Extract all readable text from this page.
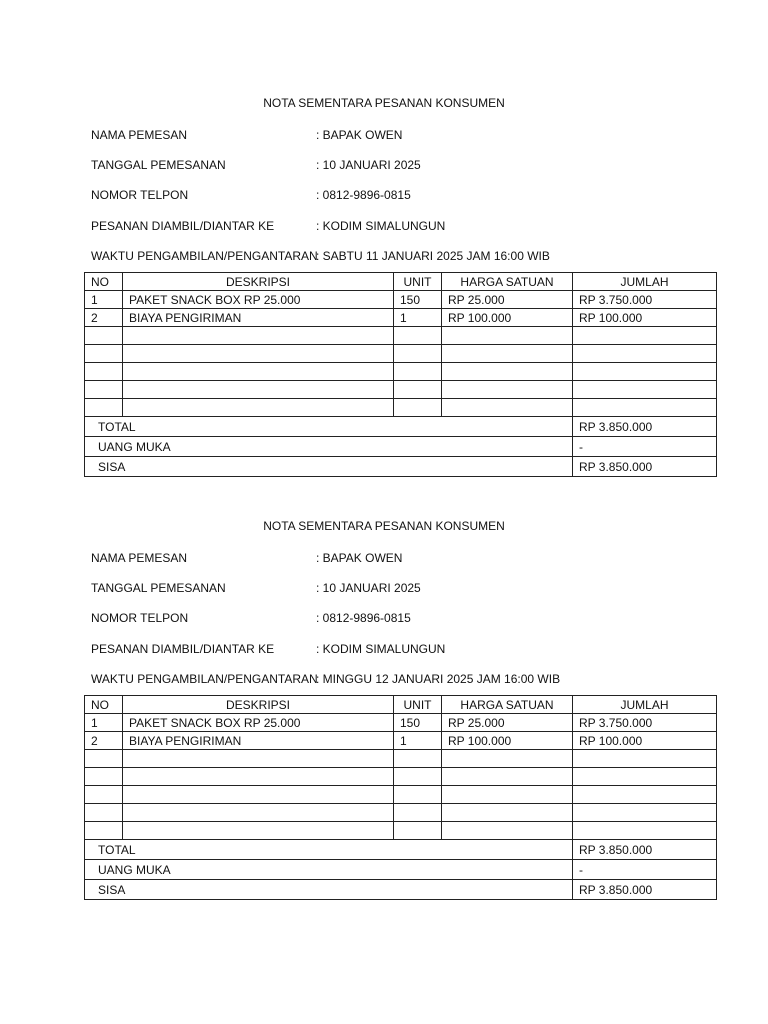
NOTA SEMENTARA PESANAN KONSUMEN
NAMA PEMESAN	: BAPAK OWEN
TANGGAL PEMESANAN	: 10 JANUARI 2025
NOMOR TELPON	: 0812-9896-0815
PESANAN DIAMBIL/DIANTAR KE	: KODIM SIMALUNGUN
WAKTU PENGAMBILAN/PENGANTARAN
: SABTU 11 JANUARI 2025 JAM 16:00 WIB
NO	DESKRIPSI	UNIT	HARGA SATUAN	JUMLAH
1	PAKET SNACK BOX RP 25.000	150	RP 25.000	RP 3.750.000
2	BIAYA PENGIRIMAN	1	RP 100.000	RP 100.000

TOTAL				RP 3.850.000
UANG MUKA				-
SISA				RP 3.850.000
NOTA SEMENTARA PESANAN KONSUMEN
NAMA PEMESAN	: BAPAK OWEN
TANGGAL PEMESANAN	: 10 JANUARI 2025
NOMOR TELPON	: 0812-9896-0815
PESANAN DIAMBIL/DIANTAR KE	: KODIM SIMALUNGUN
WAKTU PENGAMBILAN/PENGANTARAN
: MINGGU 12 JANUARI 2025 JAM 16:00 WIB
NO	DESKRIPSI	UNIT	HARGA SATUAN	JUMLAH
1	PAKET SNACK BOX RP 25.000	150	RP 25.000	RP 3.750.000
2	BIAYA PENGIRIMAN	1	RP 100.000	RP 100.000

TOTAL				RP 3.850.000
UANG MUKA				-
SISA				RP 3.850.000
